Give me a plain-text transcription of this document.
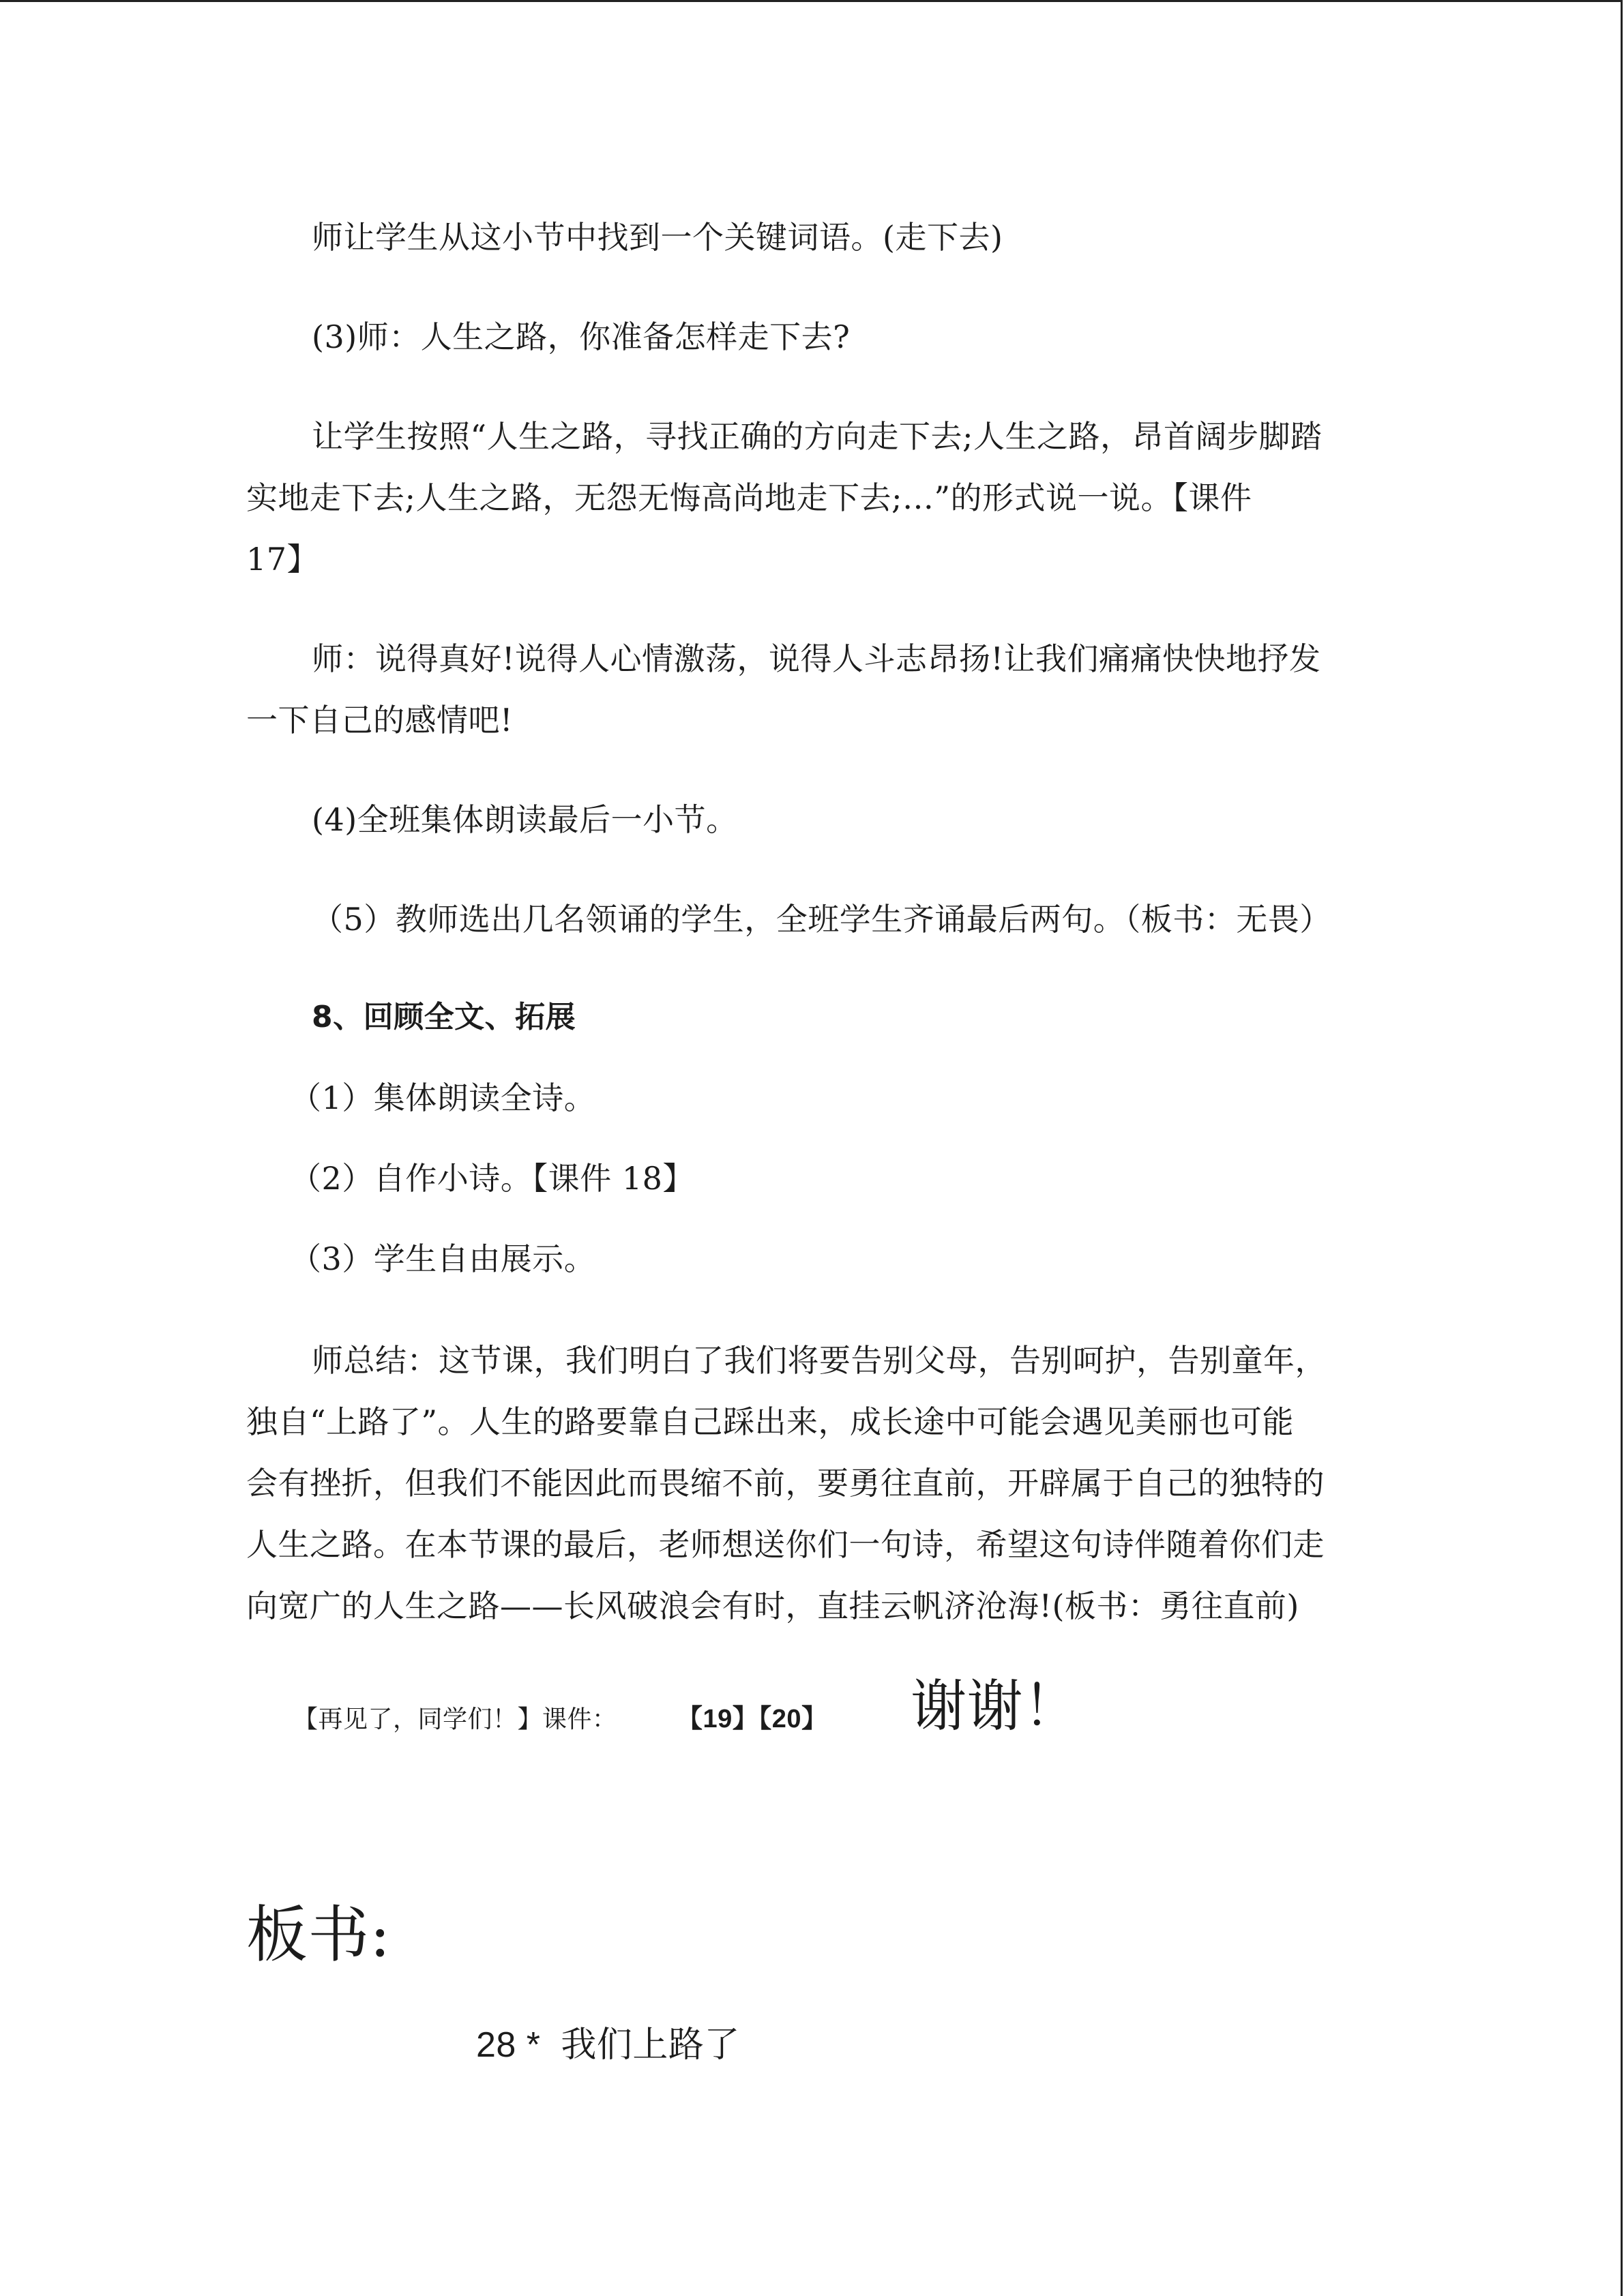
师让学生从这小节中找到一个关键词语。(走下去)
(3)师：人生之路，你准备怎样走下去?
让学生按照“人生之路，寻找正确的方向走下去;人生之路，昂首阔步脚踏
实地走下去;人生之路，无怨无悔高尚地走下去;…”的形式说一说。【课件
17】
师：说得真好!说得人心情激荡，说得人斗志昂扬!让我们痛痛快快地抒发
一下自己的感情吧!
(4)全班集体朗读最后一小节。
（5）教师选出几名领诵的学生，全班学生齐诵最后两句。（板书：无畏）
8、回顾全文、拓展
（1）集体朗读全诗。
（2）自作小诗。【课件 18】
（3）学生自由展示。
师总结：这节课，我们明白了我们将要告别父母，告别呵护，告别童年，
独自“上路了”。人生的路要靠自己踩出来，成长途中可能会遇见美丽也可能
会有挫折，但我们不能因此而畏缩不前，要勇往直前，开辟属于自己的独特的
人生之路。在本节课的最后，老师想送你们一句诗，希望这句诗伴随着你们走
向宽广的人生之路——长风破浪会有时，直挂云帆济沧海!(板书：勇往直前)
【再见了，同学们！】课件： 【19】【20】 谢谢！
板书:
28 *  我们上路了
